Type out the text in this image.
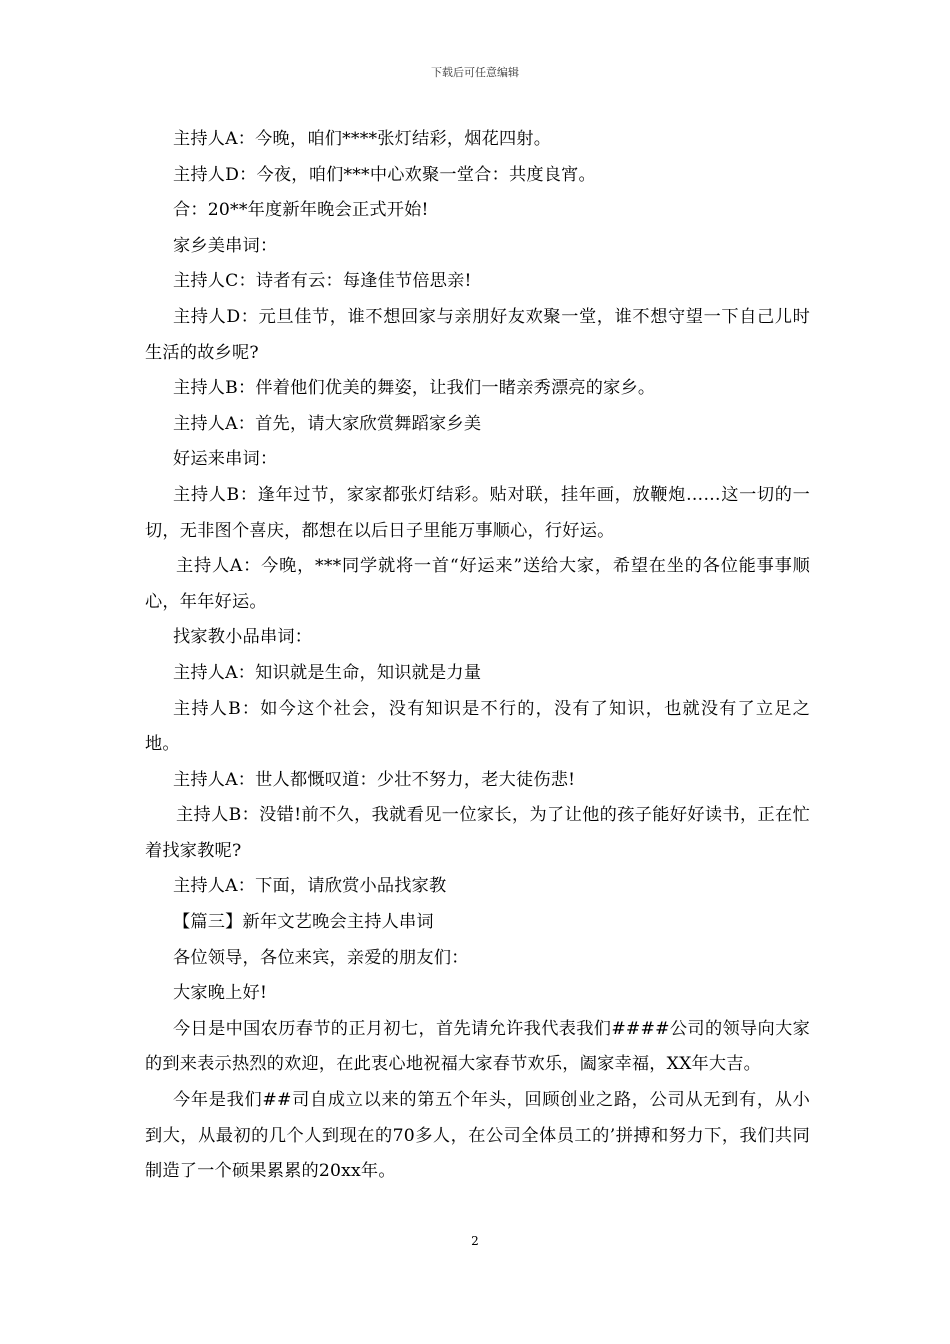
下载后可任意编辑

主持人A：今晚，咱们****张灯结彩，烟花四射。

主持人D：今夜，咱们***中心欢聚一堂合：共度良宵。

合：20**年度新年晚会正式开始!

家乡美串词：

主持人C：诗者有云：每逢佳节倍思亲!

主持人D：元旦佳节，谁不想回家与亲朋好友欢聚一堂，谁不想守望一下自己儿时生活的故乡呢?

主持人B：伴着他们优美的舞姿，让我们一睹亲秀漂亮的家乡。

主持人A：首先，请大家欣赏舞蹈家乡美

好运来串词：

主持人B：逢年过节，家家都张灯结彩。贴对联，挂年画，放鞭炮……这一切的一切，无非图个喜庆，都想在以后日子里能万事顺心，行好运。

主持人A：今晚，***同学就将一首“好运来”送给大家，希望在坐的各位能事事顺心，年年好运。

找家教小品串词：

主持人A：知识就是生命，知识就是力量

主持人B：如今这个社会，没有知识是不行的，没有了知识，也就没有了立足之地。

主持人A：世人都慨叹道：少壮不努力，老大徒伤悲!

主持人B：没错!前不久，我就看见一位家长，为了让他的孩子能好好读书，正在忙着找家教呢?

主持人A：下面，请欣赏小品找家教

【篇三】新年文艺晚会主持人串词

各位领导，各位来宾，亲爱的朋友们：

大家晚上好!

今日是中国农历春节的正月初七，首先请允许我代表我们####公司的领导向大家的到来表示热烈的欢迎，在此衷心地祝福大家春节欢乐，阖家幸福，XX年大吉。

今年是我们##司自成立以来的第五个年头，回顾创业之路，公司从无到有，从小到大，从最初的几个人到现在的70多人，在公司全体员工的’拼搏和努力下，我们共同制造了一个硕果累累的20xx年。

2
